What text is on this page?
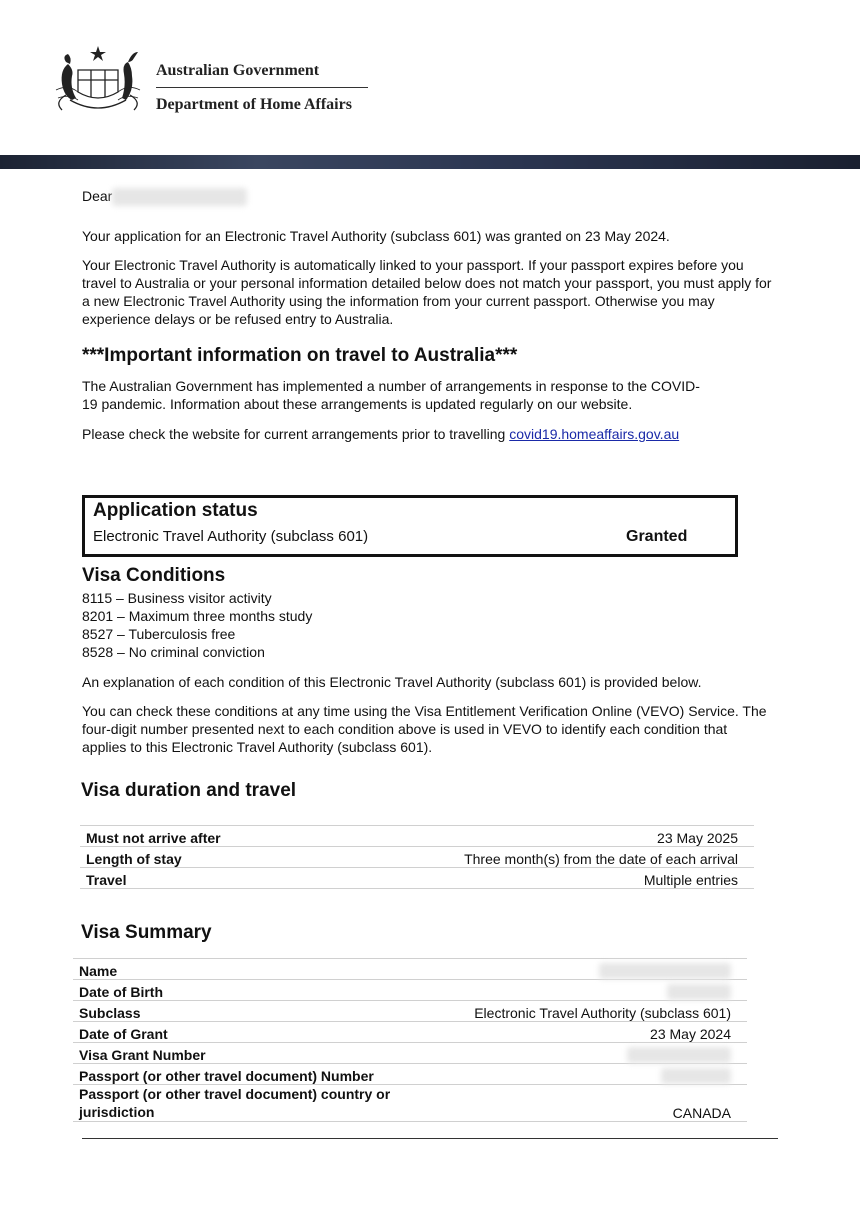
Australian Government
Department of Home Affairs
Dear
Your application for an Electronic Travel Authority (subclass 601) was granted on 23 May 2024.
Your Electronic Travel Authority is automatically linked to your passport. If your passport expires before you travel to Australia or your personal information detailed below does not match your passport, you must apply for a new Electronic Travel Authority using the information from your current passport. Otherwise you may experience delays or be refused entry to Australia.
***Important information on travel to Australia***
The Australian Government has implemented a number of arrangements in response to the COVID-19 pandemic. Information about these arrangements is updated regularly on our website.
Please check the website for current arrangements prior to travelling covid19.homeaffairs.gov.au
Application status
Electronic Travel Authority (subclass 601)	Granted
Visa Conditions
8115 – Business visitor activity
8201 – Maximum three months study
8527 – Tuberculosis free
8528 – No criminal conviction
An explanation of each condition of this Electronic Travel Authority (subclass 601) is provided below.
You can check these conditions at any time using the Visa Entitlement Verification Online (VEVO) Service. The four-digit number presented next to each condition above is used in VEVO to identify each condition that applies to this Electronic Travel Authority (subclass 601).
Visa duration and travel
Must not arrive after	23 May 2025
Length of stay	Three month(s) from the date of each arrival
Travel	Multiple entries
Visa Summary
Name	
Date of Birth	
Subclass	Electronic Travel Authority (subclass 601)
Date of Grant	23 May 2024
Visa Grant Number	
Passport (or other travel document) Number	
Passport (or other travel document) country or jurisdiction	CANADA
